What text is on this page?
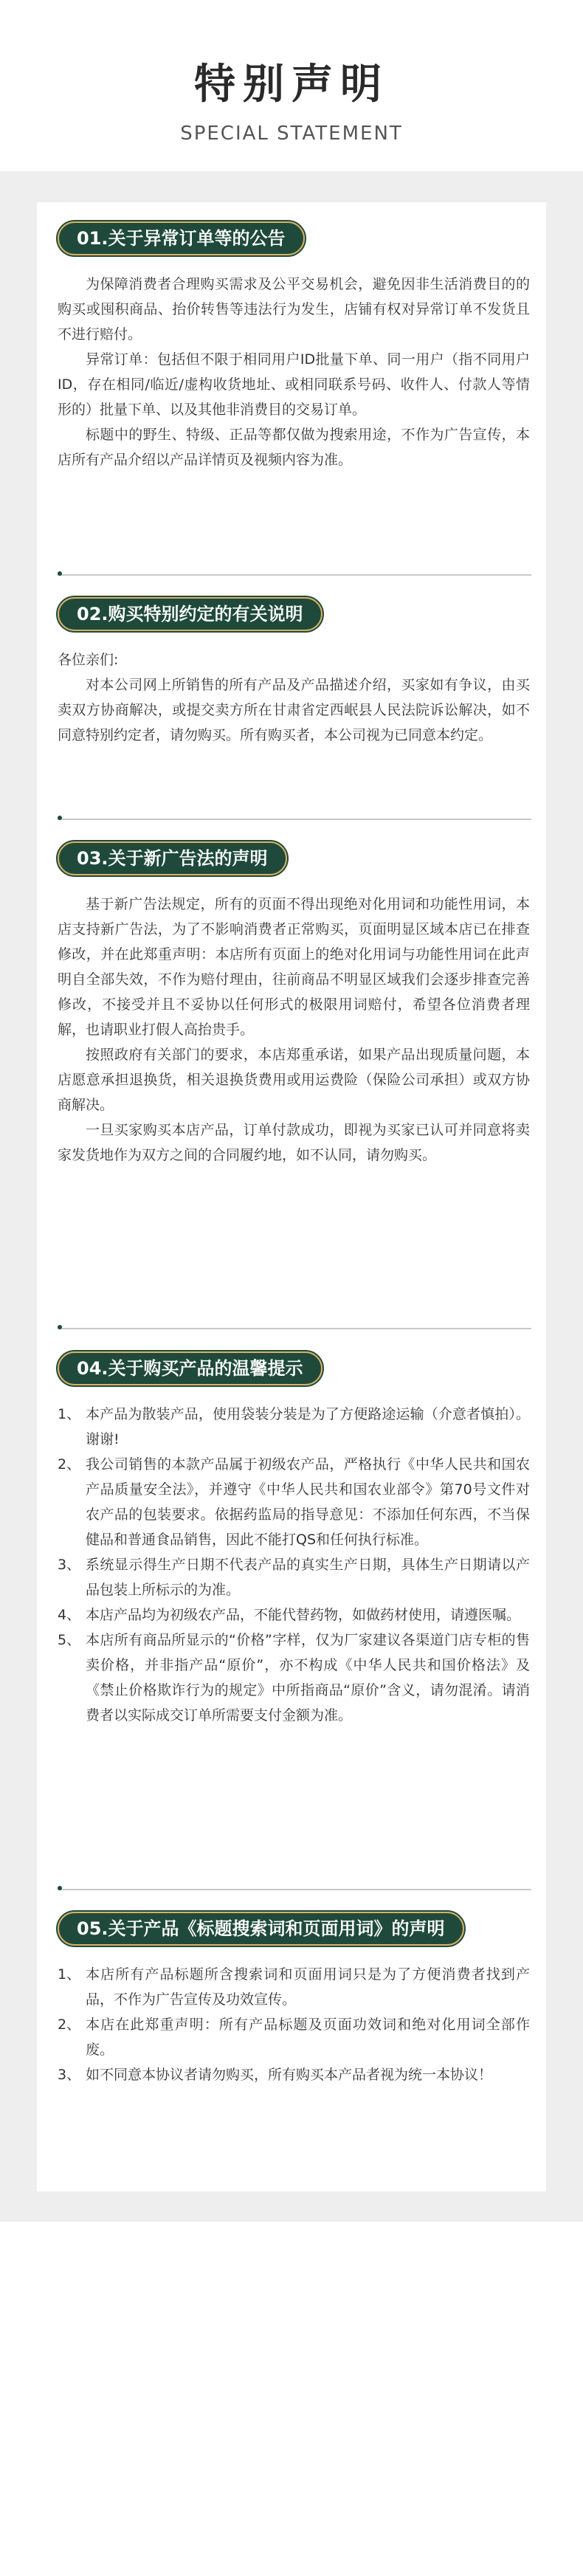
特别声明
SPECIAL STATEMENT
01.关于异常订单等的公告

为保障消费者合理购买需求及公平交易机会，避免因非生活消费目的的购买或囤积商品、抬价转售等违法行为发生，店铺有权对异常订单不发货且不进行赔付。

异常订单：包括但不限于相同用户ID批量下单、同一用户（指不同用户ID，存在相同/临近/虚构收货地址、或相同联系号码、收件人、付款人等情形的）批量下单、以及其他非消费目的交易订单。

标题中的野生、特级、正品等都仅做为搜索用途，不作为广告宣传，本店所有产品介绍以产品详情页及视频内容为准。

02.购买特别约定的有关说明

各位亲们:

对本公司网上所销售的所有产品及产品描述介绍，买家如有争议，由买卖双方协商解决，或提交卖方所在甘肃省定西岷县人民法院诉讼解决，如不同意特别约定者，请勿购买。所有购买者，本公司视为已同意本约定。

03.关于新广告法的声明

基于新广告法规定，所有的页面不得出现绝对化用词和功能性用词，本店支持新广告法，为了不影响消费者正常购买，页面明显区域本店已在排查修改，并在此郑重声明：本店所有页面上的绝对化用词与功能性用词在此声明自全部失效，不作为赔付理由，往前商品不明显区域我们会逐步排查完善修改，不接受并且不妥协以任何形式的极限用词赔付，希望各位消费者理解，也请职业打假人高抬贵手。

按照政府有关部门的要求，本店郑重承诺，如果产品出现质量问题，本店愿意承担退换货，相关退换货费用或用运费险（保险公司承担）或双方协商解决。

一旦买家购买本店产品，订单付款成功，即视为买家已认可并同意将卖家发货地作为双方之间的合同履约地，如不认同，请勿购买。

04.关于购买产品的温馨提示
1、 本产品为散装产品，使用袋装分装是为了方便路途运输（介意者慎拍）。谢谢!
2、 我公司销售的本款产品属于初级农产品，严格执行《中华人民共和国农产品质量安全法》，并遵守《中华人民共和国农业部令》第70号文件对农产品的包装要求。依据药监局的指导意见：不添加任何东西，不当保健品和普通食品销售，因此不能打QS和任何执行标准。
3、 系统显示得生产日期不代表产品的真实生产日期，具体生产日期请以产品包装上所标示的为准。
4、 本店产品均为初级农产品，不能代替药物，如做药材使用，请遵医嘱。
5、 本店所有商品所显示的“价格”字样，仅为厂家建议各渠道门店专柜的售卖价格，并非指产品“原价”，亦不构成《中华人民共和国价格法》及《禁止价格欺诈行为的规定》中所指商品“原价”含义，请勿混淆。请消费者以实际成交订单所需要支付金额为准。
05.关于产品《标题搜索词和页面用词》的声明
1、 本店所有产品标题所含搜索词和页面用词只是为了方便消费者找到产品，不作为广告宣传及功效宣传。
2、 本店在此郑重声明：所有产品标题及页面功效词和绝对化用词全部作废。
3、 如不同意本协议者请勿购买，所有购买本产品者视为统一本协议！
